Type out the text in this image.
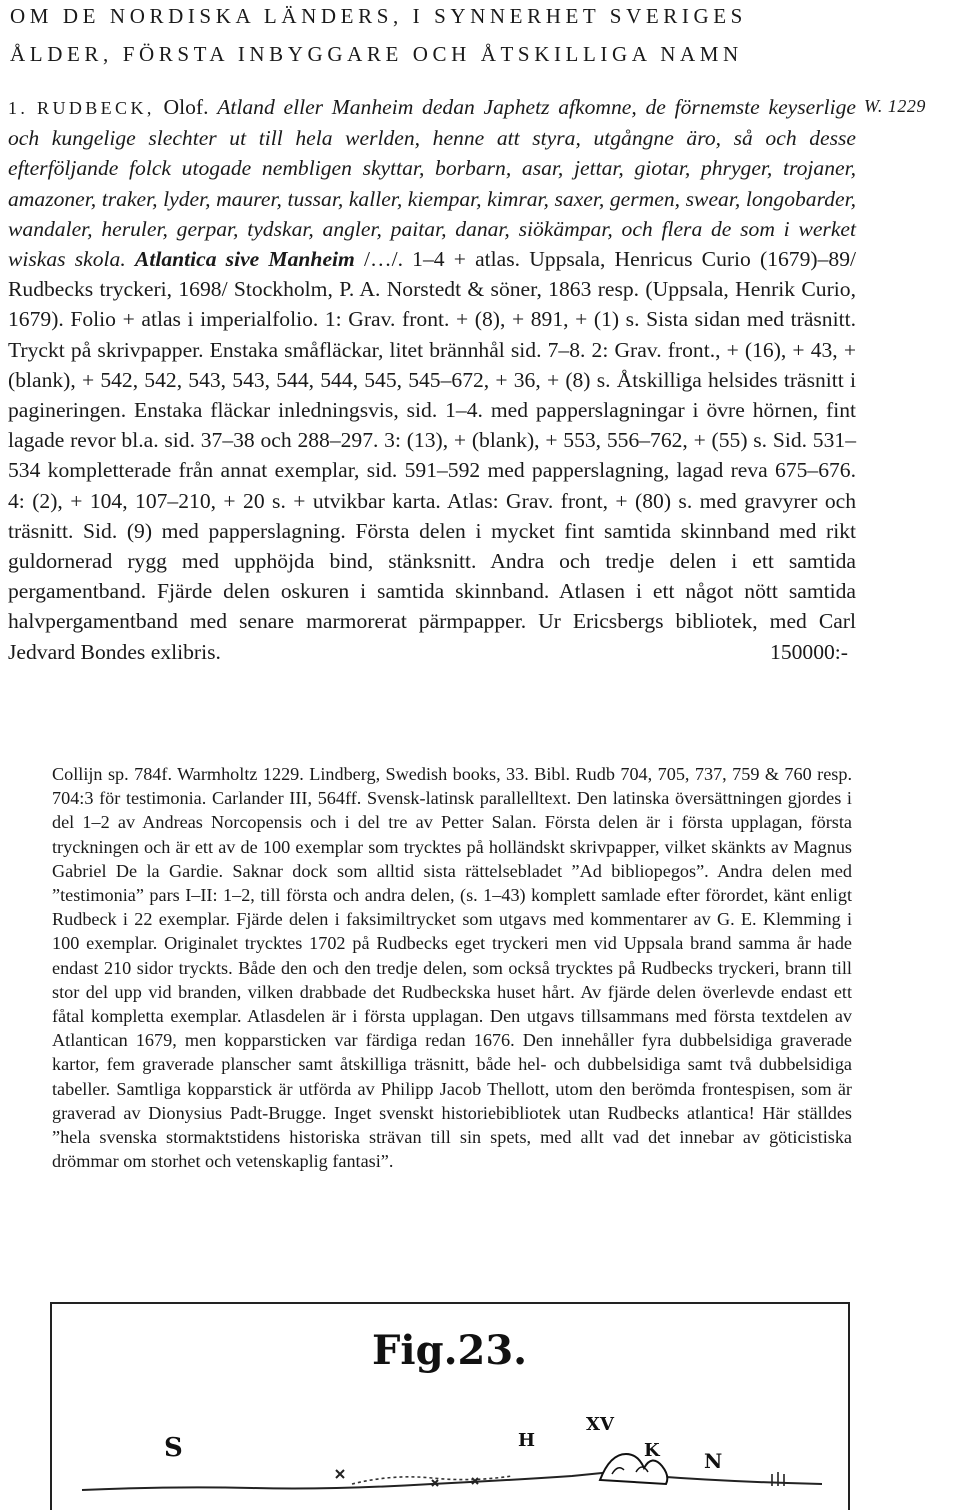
OM DE NORDISKA LÄNDERS, I SYNNERHET SVERIGES
ÅLDER, FÖRSTA INBYGGARE OCH ÅTSKILLIGA NAMN
W. 1229
1. RUDBECK, Olof. Atland eller Manheim dedan Japhetz afkomne, de förnemste keyserlige och kungelige slechter ut till hela werlden, henne att styra, utgångne äro, så och desse efterföljande folck utogade nembligen skyttar, borbarn, asar, jettar, giotar, phryger, trojaner, amazoner, traker, lyder, maurer, tussar, kaller, kiempar, kimrar, saxer, germen, swear, longobarder, wandaler, heruler, gerpar, tydskar, angler, paitar, danar, siökämpar, och flera de som i werket wiskas skola. Atlantica sive Manheim /…/. 1–4 + atlas. Uppsala, Henricus Curio (1679)–89/ Rudbecks tryckeri, 1698/ Stockholm, P. A. Norstedt & söner, 1863 resp. (Uppsala, Henrik Curio, 1679). Folio + atlas i imperialfolio. 1: Grav. front. + (8), + 891, + (1) s. Sista sidan med träsnitt. Tryckt på skrivpapper. Enstaka småfläckar, litet brännhål sid. 7–8. 2: Grav. front., + (16), + 43, + (blank), + 542, 542, 543, 543, 544, 544, 545, 545–672, + 36, + (8) s. Åtskilliga helsides träsnitt i pagineringen. Enstaka fläckar inledningsvis, sid. 1–4. med papperslagningar i övre hörnen, fint lagade revor bl.a. sid. 37–38 och 288–297. 3: (13), + (blank), + 553, 556–762, + (55) s. Sid. 531–534 kompletterade från annat exemplar, sid. 591–592 med papperslagning, lagad reva 675–676. 4: (2), + 104, 107–210, + 20 s. + utvikbar karta. Atlas: Grav. front, + (80) s. med gravyrer och träsnitt. Sid. (9) med papperslagning. Första delen i mycket fint samtida skinnband med rikt guldornerad rygg med upphöjda bind, stänksnitt. Andra och tredje delen i ett samtida pergamentband. Fjärde delen oskuren i samtida skinnband. Atlasen i ett något nött samtida halvpergamentband med senare marmorerat pärmpapper. Ur Ericsbergs bibliotek, med Carl Jedvard Bondes exlibris.	150000:-
Collijn sp. 784f. Warmholtz 1229. Lindberg, Swedish books, 33. Bibl. Rudb 704, 705, 737, 759 & 760 resp. 704:3 för testimonia. Carlander III, 564ff. Svensk-latinsk parallelltext. Den latinska översättningen gjordes i del 1–2 av Andreas Norcopensis och i del tre av Petter Salan. Första delen är i första upplagan, första tryckningen och är ett av de 100 exemplar som trycktes på holländskt skrivpapper, vilket skänkts av Magnus Gabriel De la Gardie. Saknar dock som alltid sista rättelsebladet ”Ad bibliopegos”. Andra delen med ”testimonia” pars I–II: 1–2, till första och andra delen, (s. 1–43) komplett samlade efter förordet, känt enligt Rudbeck i 22 exemplar. Fjärde delen i faksimiltrycket som utgavs med kommentarer av G. E. Klemming i 100 exemplar. Originalet trycktes 1702 på Rudbecks eget tryckeri men vid Uppsala brand samma år hade endast 210 sidor tryckts. Både den och den tredje delen, som också trycktes på Rudbecks tryckeri, brann till stor del upp vid branden, vilken drabbade det Rudbeckska huset hårt. Av fjärde delen överlevde endast ett fåtal kompletta exemplar. Atlasdelen är i första upplagan. Den utgavs tillsammans med första textdelen av Atlantican 1679, men kopparsticken var färdiga redan 1676. Den innehåller fyra dubbelsidiga graverade kartor, fem graverade planscher samt åtskilliga träsnitt, både hel- och dubbelsidiga samt två dubbelsidiga tabeller. Samtliga kopparstick är utförda av Philipp Jacob Thellott, utom den berömda frontespisen, som är graverad av Dionysius Padt-Brugge. Inget svenskt historiebibliotek utan Rudbecks atlantica! Här ställdes ”hela svenska stormaktstidens historiska strävan till sin spets, med allt vad det innebar av göticistiska drömmar om storhet och vetenskaplig fantasi”.
Fig.23.
S	H
XV
K N
